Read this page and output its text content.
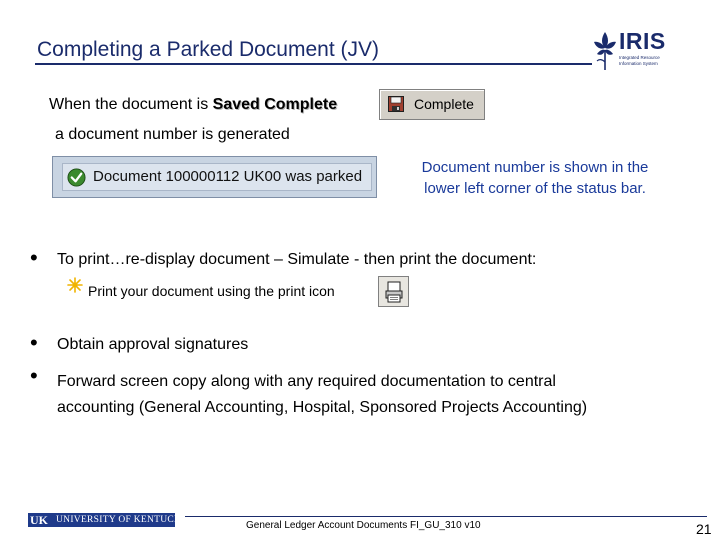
Completing a Parked Document (JV)	IRIS
Integrated Resource
Information System
When the document is Saved Complete
a document number is generated
Complete
Document 100000112 UK00 was parked
Document number is shown in the
lower left corner of the status bar.
• To print…re-display document – Simulate - then print the document:
Print your document using the print icon
• Obtain approval signatures
• Forward screen copy along with any required documentation to central
accounting (General Accounting, Hospital, Sponsored Projects Accounting)
UK UNIVERSITY OF KENTUCKY	General Ledger Account Documents FI_GU_310 v10	21
